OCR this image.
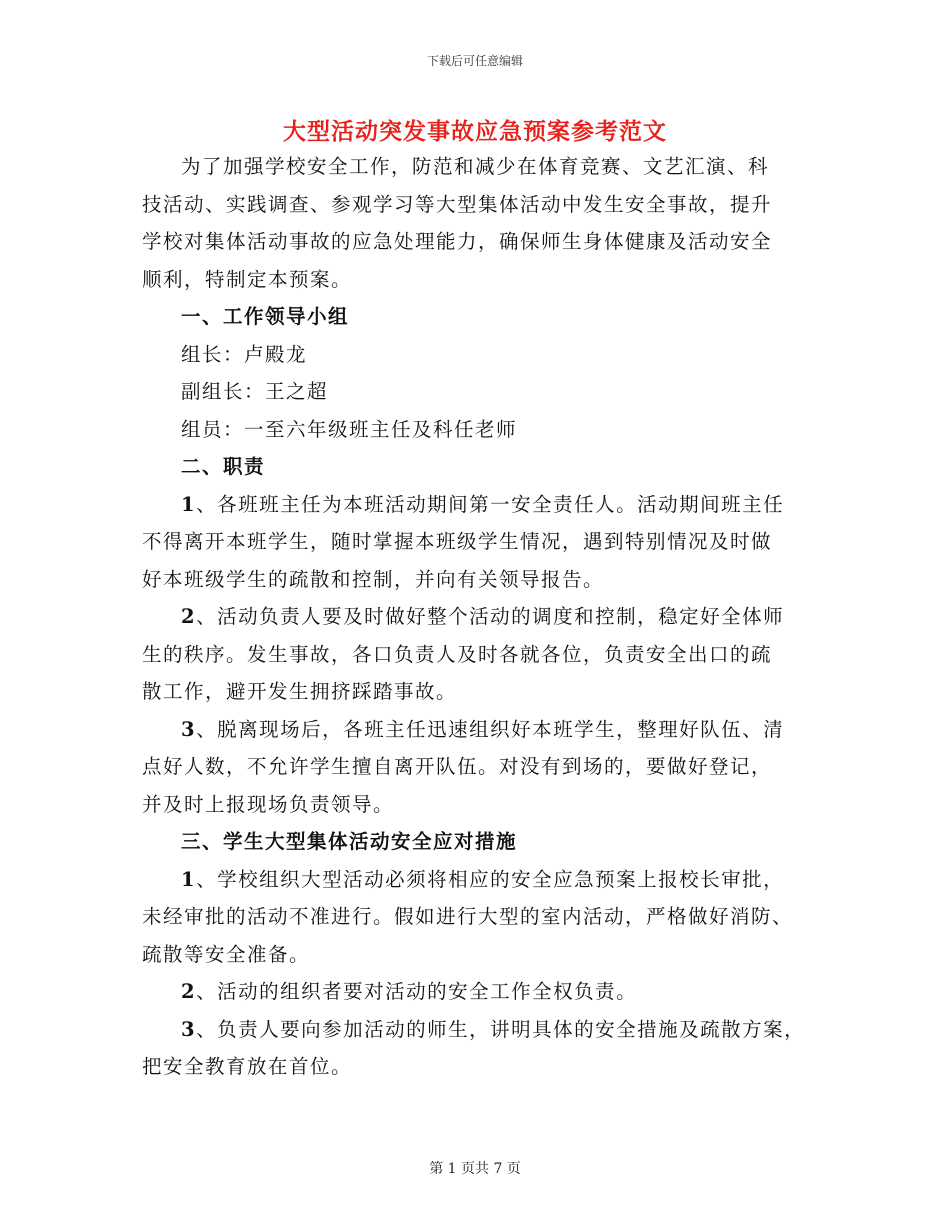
下载后可任意编辑
大型活动突发事故应急预案参考范文

为了加强学校安全工作，防范和减少在体育竞赛、文艺汇演、科

技活动、实践调查、参观学习等大型集体活动中发生安全事故，提升
学校对集体活动事故的应急处理能力，确保师生身体健康及活动安全
顺利，特制定本预案。

一、工作领导小组

组长：卢殿龙

副组长：王之超

组员：一至六年级班主任及科任老师

二、职责

1、各班班主任为本班活动期间第一安全责任人。活动期间班主任

不得离开本班学生，随时掌握本班级学生情况，遇到特别情况及时做
好本班级学生的疏散和控制，并向有关领导报告。

2、活动负责人要及时做好整个活动的调度和控制，稳定好全体师

生的秩序。发生事故，各口负责人及时各就各位，负责安全出口的疏
散工作，避开发生拥挤踩踏事故。

3、脱离现场后，各班主任迅速组织好本班学生，整理好队伍、清

点好人数，不允许学生擅自离开队伍。对没有到场的，要做好登记，
并及时上报现场负责领导。

三、学生大型集体活动安全应对措施

1、学校组织大型活动必须将相应的安全应急预案上报校长审批，

未经审批的活动不准进行。假如进行大型的室内活动，严格做好消防、
疏散等安全准备。

2、活动的组织者要对活动的安全工作全权负责。

3、负责人要向参加活动的师生，讲明具体的安全措施及疏散方案，

把安全教育放在首位。

第 1 页共 7 页
